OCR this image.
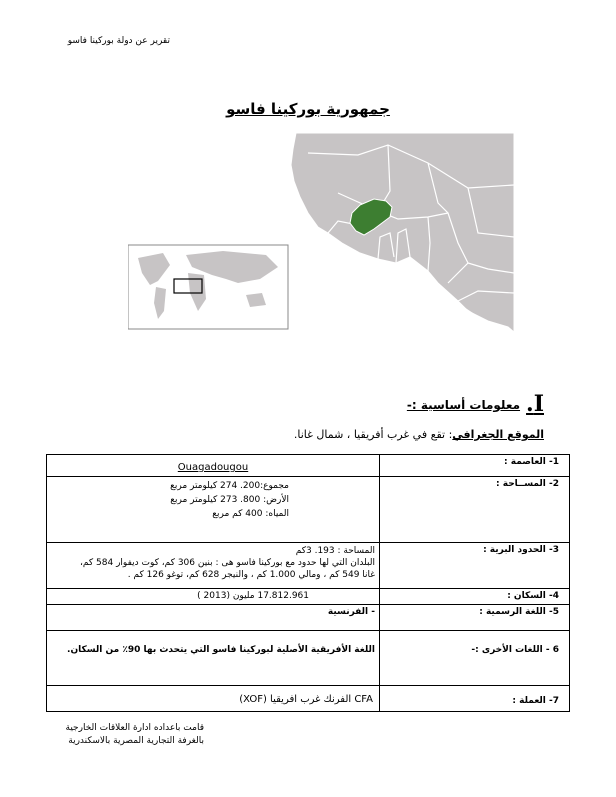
تقرير عن دولة بوركينا فاسو
جمهورية بوركينا فاسو
I.
معلومات أساسية :-
الموقع الجغرافي: تقع في غرب أفريقيا ، شمال غانا.
1- العاصمة :	Ouagadougou

2- المســاحة :	مجموع:200. 274 كيلومتر مربع
الأرض: 800. 273 كيلومتر مربع
المياه: 400 كم مربع

3- الحدود البرية :	المساحة : 193. 3كم
البلدان التي لها حدود مع بوركينا فاسو هى : بنين 306 كم، كوت ديفوار 584 كم،
غانا 549 كم ، ومالي 1.000 كم ، والنيجر 628 كم، توغو 126 كم .

4- السكان :	17.812.961 مليون (2013 )

5- اللغة الرسمية :	- الفرنسية

6 - اللغات الأخرى :-	اللغة الأفريقية الأصلية لبوركينا فاسو التي يتحدث بها 90٪ من السكان.

7- العملة :	CFA الفرنك غرب افريقيا (XOF)
قامت باعداده ادارة العلاقات الخارجية
بالغرفة التجارية المصرية بالاسكندرية
